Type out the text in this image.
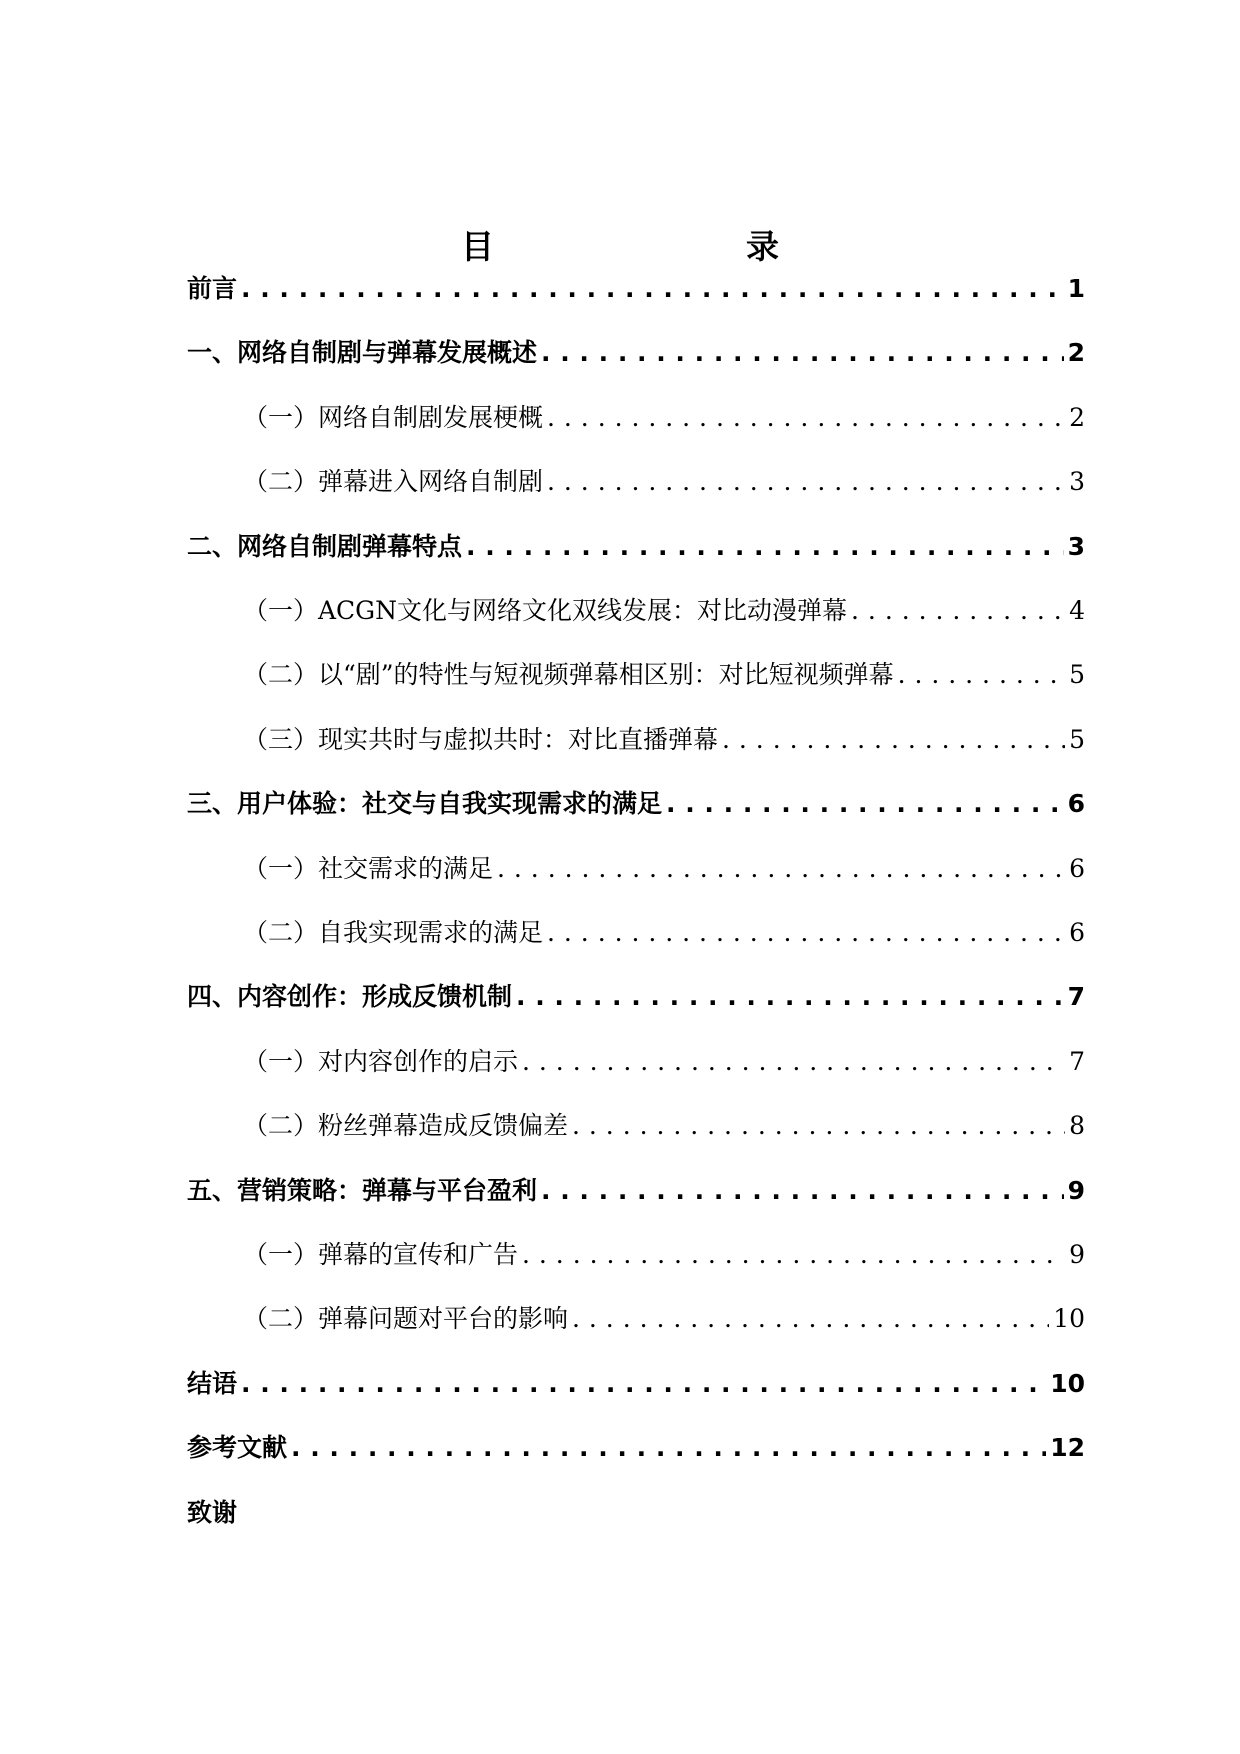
目　　录
前言 . . .	1
一、网络自制剧与弹幕发展概述 . . .	2
（一）网络自制剧发展梗概 . . .	2
（二）弹幕进入网络自制剧 . . .	3
二、网络自制剧弹幕特点 . . .	3
（一）ACGN文化与网络文化双线发展：对比动漫弹幕 . . .	4
（二）以“剧”的特性与短视频弹幕相区别：对比短视频弹幕 . . .	5
（三）现实共时与虚拟共时：对比直播弹幕 . . .	5
三、用户体验：社交与自我实现需求的满足 . . .	6
（一）社交需求的满足 . . .	6
（二）自我实现需求的满足 . . .	6
四、内容创作：形成反馈机制 . . .	7
（一）对内容创作的启示 . . .	7
（二）粉丝弹幕造成反馈偏差 . . .	8
五、营销策略：弹幕与平台盈利 . . .	9
（一）弹幕的宣传和广告 . . .	9
（二）弹幕问题对平台的影响 . . .	10
结语 . . .	10
参考文献 . . .	12
致谢
